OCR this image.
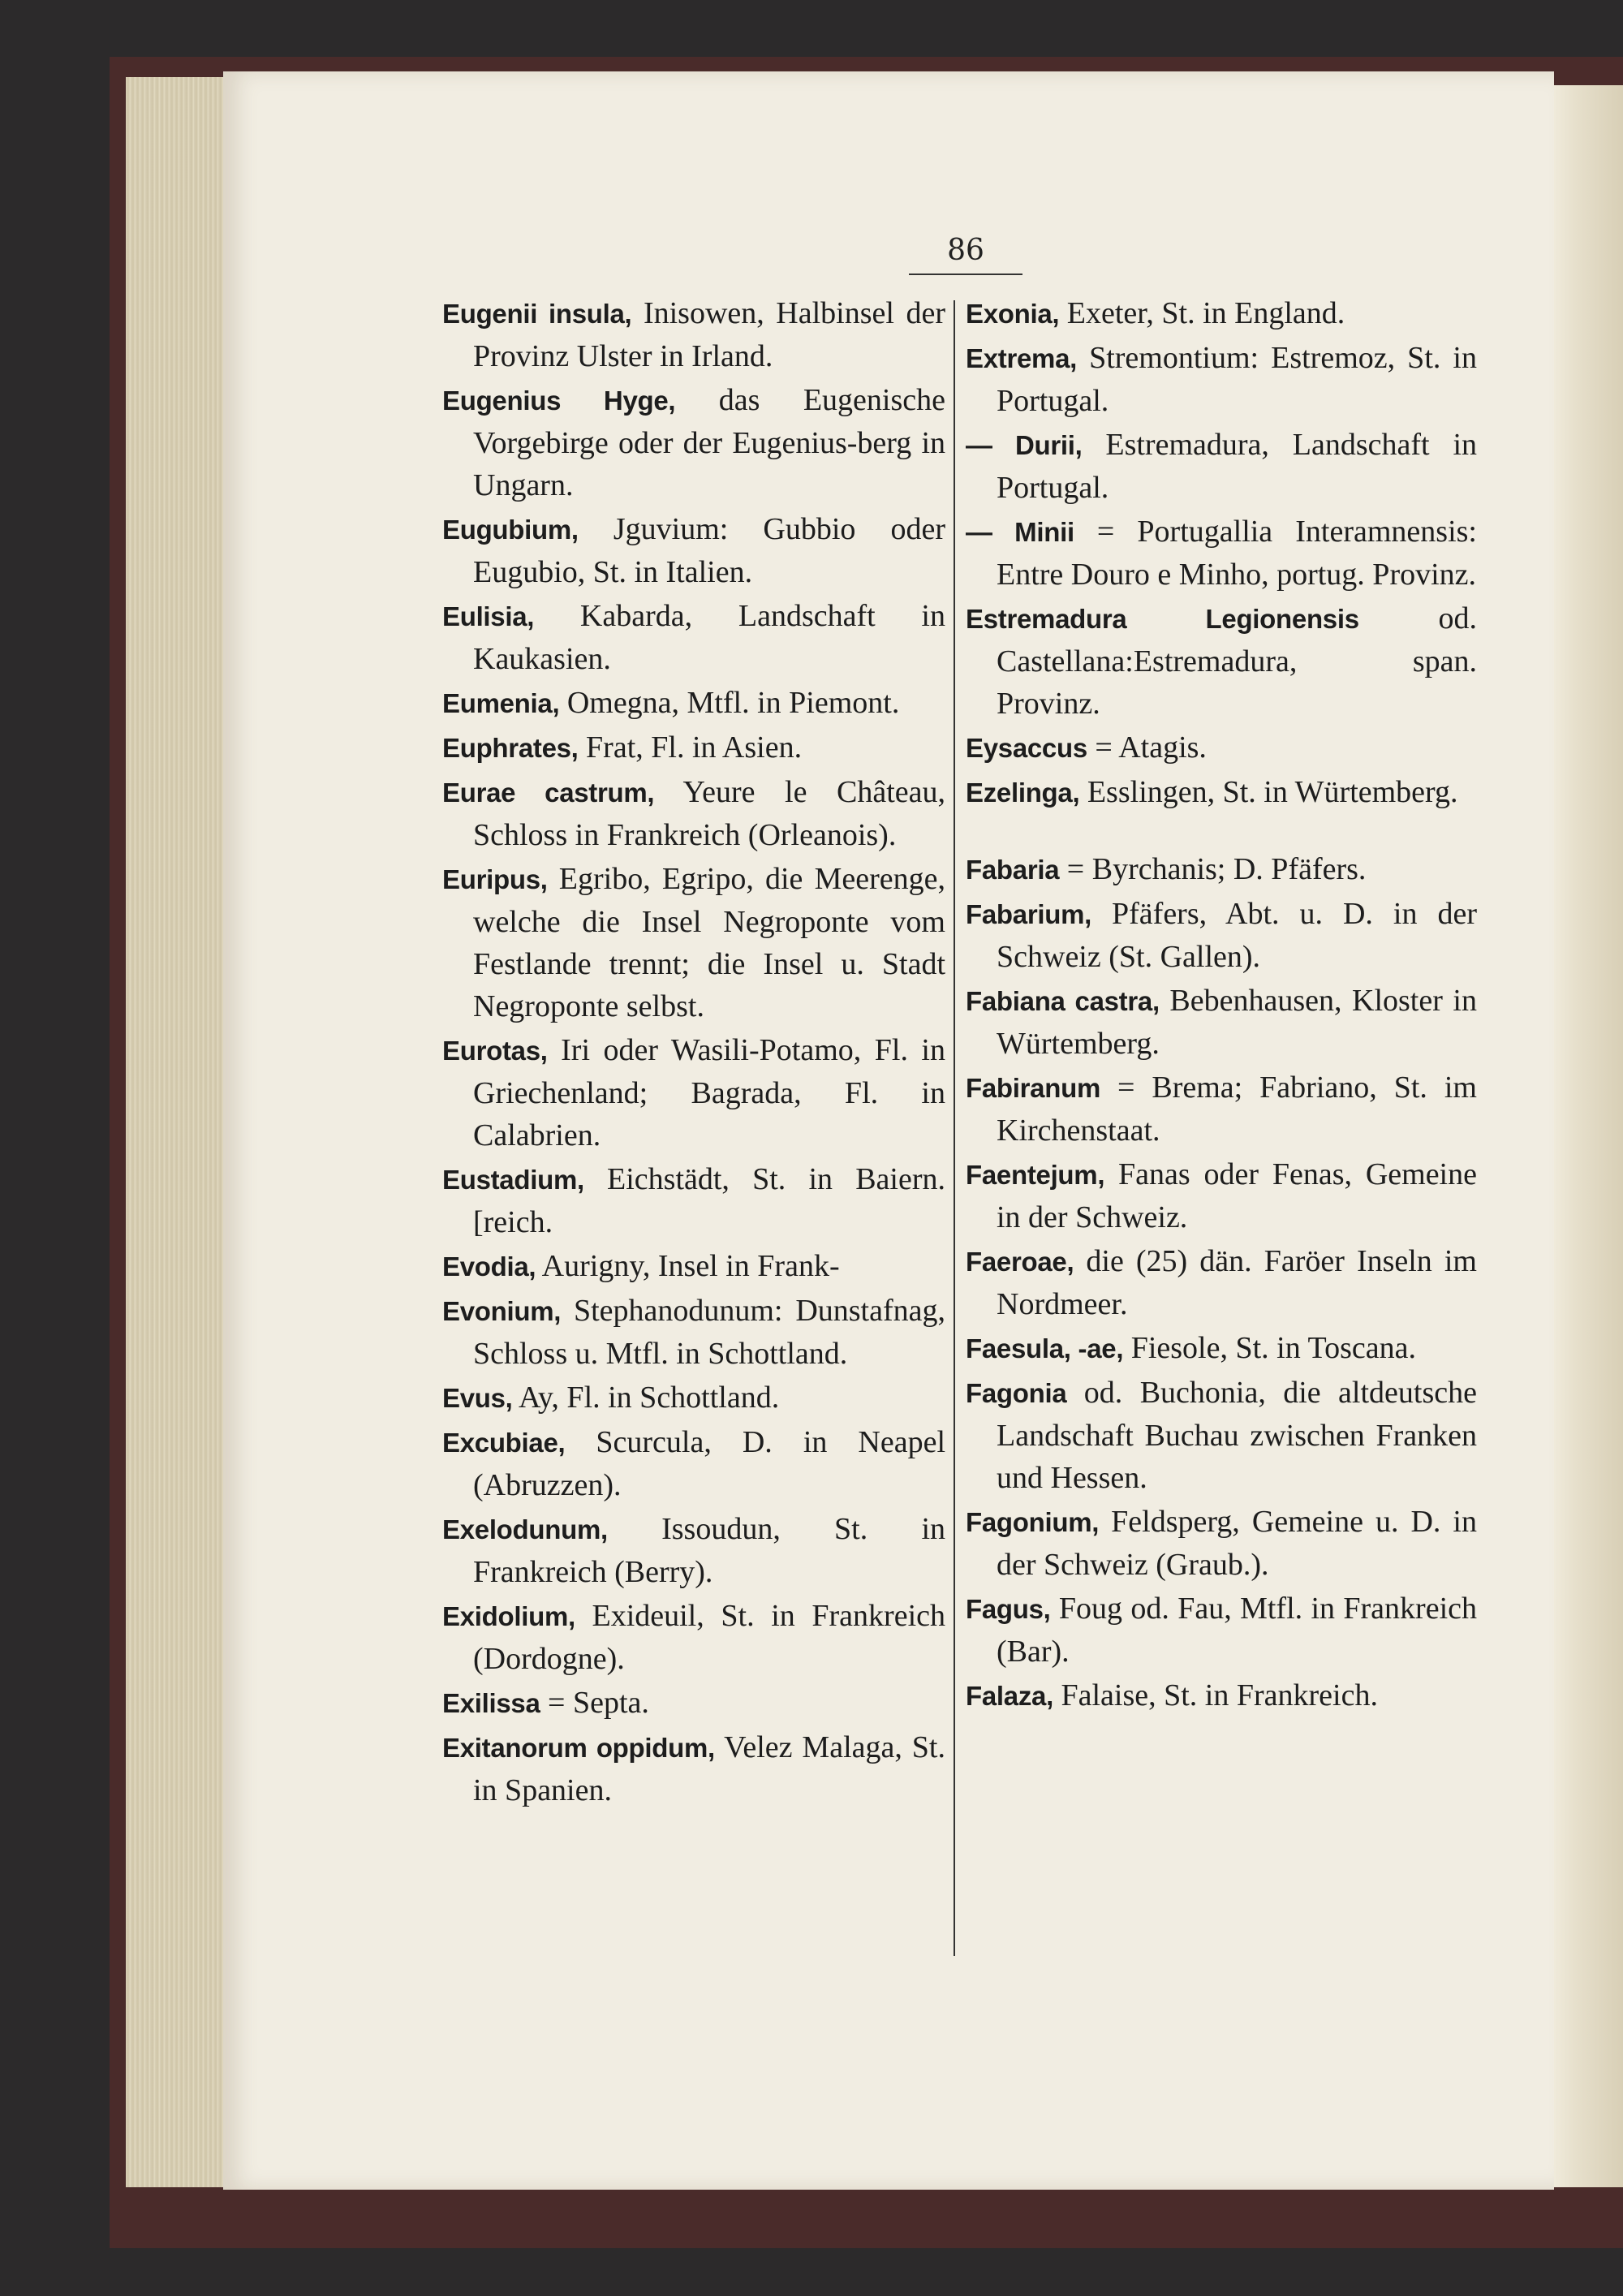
86
Eugenii insula, Inisowen, Halbinsel der Provinz Ulster in Irland.
Eugenius Hyge, das Eugenische Vorgebirge oder der Eugenius-berg in Ungarn.
Eugubium, Jguvium: Gubbio oder Eugubio, St. in Italien.
Eulisia, Kabarda, Landschaft in Kaukasien.
Eumenia, Omegna, Mtfl. in Piemont.
Euphrates, Frat, Fl. in Asien.
Eurae castrum, Yeure le Château, Schloss in Frankreich (Orleanois).
Euripus, Egribo, Egripo, die Meerenge, welche die Insel Negroponte vom Festlande trennt; die Insel u. Stadt Negroponte selbst.
Eurotas, Iri oder Wasili-Potamo, Fl. in Griechenland; Bagrada, Fl. in Calabrien.
Eustadium, Eichstädt, St. in Baiern. [reich.
Evodia, Aurigny, Insel in Frank-
Evonium, Stephanodunum: Dunstafnag, Schloss u. Mtfl. in Schottland.
Evus, Ay, Fl. in Schottland.
Excubiae, Scurcula, D. in Neapel (Abruzzen).
Exelodunum, Issoudun, St. in Frankreich (Berry).
Exidolium, Exideuil, St. in Frankreich (Dordogne).
Exilissa = Septa.
Exitanorum oppidum, Velez Malaga, St. in Spanien.
Exonia, Exeter, St. in England.
Extrema, Stremontium: Estremoz, St. in Portugal.
— Durii, Estremadura, Landschaft in Portugal.
— Minii = Portugallia Interamnensis: Entre Douro e Minho, portug. Provinz.
Estremadura Legionensis od. Castellana:Estremadura, span. Provinz.
Eysaccus = Atagis.
Ezelinga, Esslingen, St. in Würtemberg.
Fabaria = Byrchanis; D. Pfäfers.
Fabarium, Pfäfers, Abt. u. D. in der Schweiz (St. Gallen).
Fabiana castra, Bebenhausen, Kloster in Würtemberg.
Fabiranum = Brema; Fabriano, St. im Kirchenstaat.
Faentejum, Fanas oder Fenas, Gemeine in der Schweiz.
Faeroae, die (25) dän. Faröer Inseln im Nordmeer.
Faesula, -ae, Fiesole, St. in Toscana.
Fagonia od. Buchonia, die altdeutsche Landschaft Buchau zwischen Franken und Hessen.
Fagonium, Feldsperg, Gemeine u. D. in der Schweiz (Graub.).
Fagus, Foug od. Fau, Mtfl. in Frankreich (Bar).
Falaza, Falaise, St. in Frankreich.
